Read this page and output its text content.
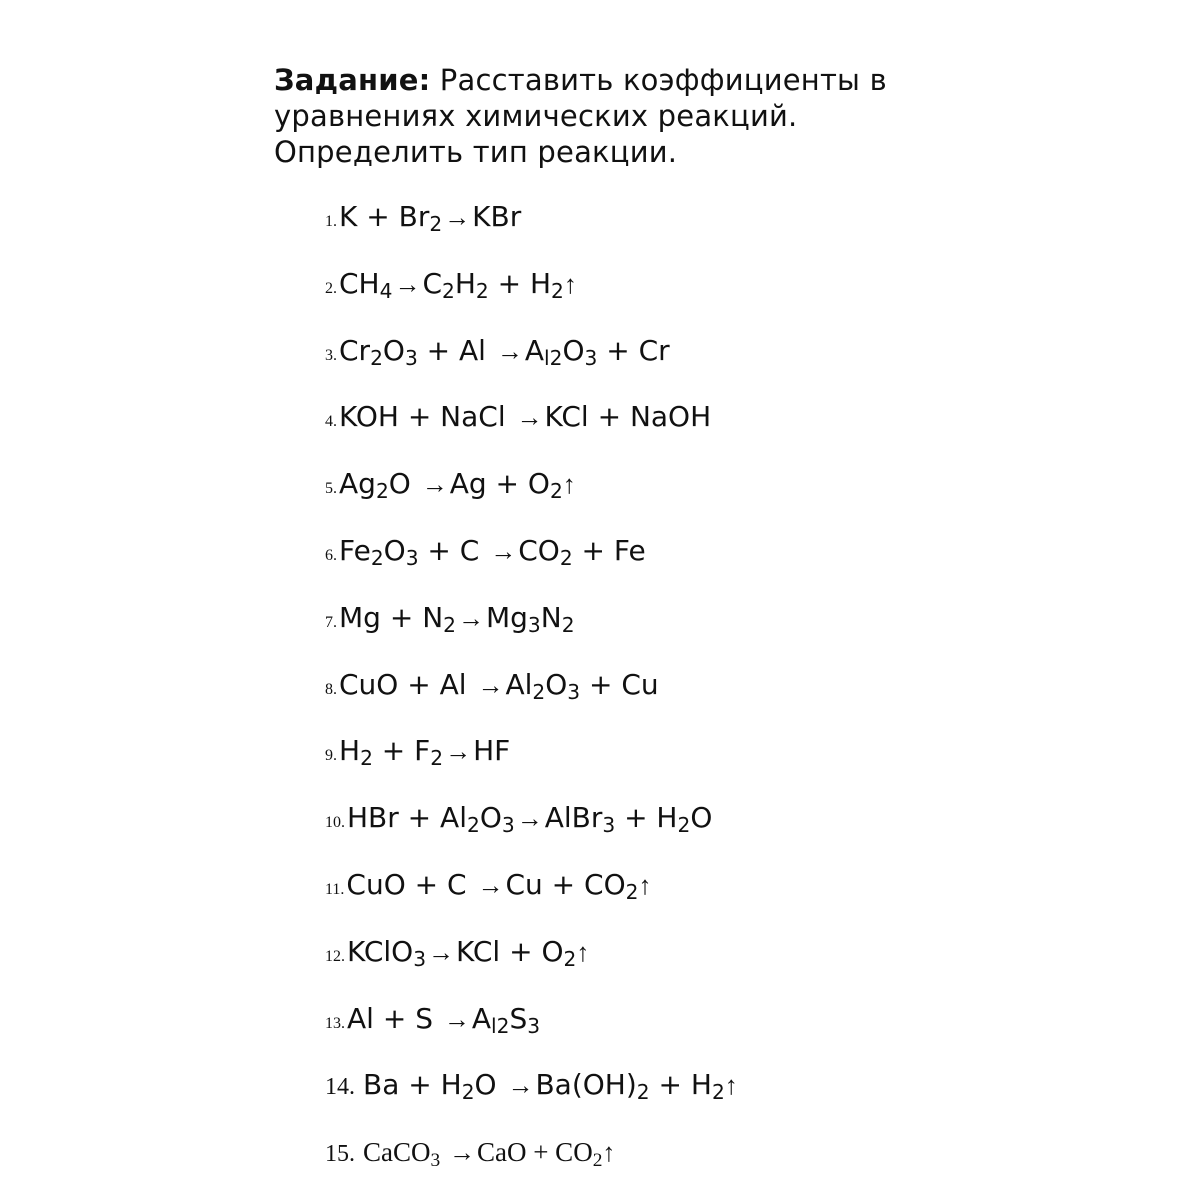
Задание: Расставить коэффициенты в
уравнениях химических реакций.
Определить тип реакции.
1. $K + Br_2\to KBr$
2. $CH_4\to C_2H_2$ + $H_2↑$
3. $Cr_2O_3 + Al \to A_{l2}O_3 + Cr$
4. KOH + NaCl →KCl + NaOH
5. $Ag_2O \to Ag$ + $O_2↑$
6. $Fe_2O_3 + C \to CO_2 + Fe$
7. $Mg + N_2\to Mg_3N_2$
8. CuO + $Al \to Al_2O_3 + Cu$
9. $H_2 + F_2\to HF$
10. HBr + $Al_2O_3\to AlBr_3 + H_2O$
11. CuO + $C \to Cu + CO_2↑$
12. KClO$_3$→KCl + $O_2↑$
13. $Al + S \to A_{l2}S_3$
14. $Ba + H_2O \to Ba(OH)_2$ + $H_2↑$
15. CaCO$_3$ $\to CaO + CO_2↑$
